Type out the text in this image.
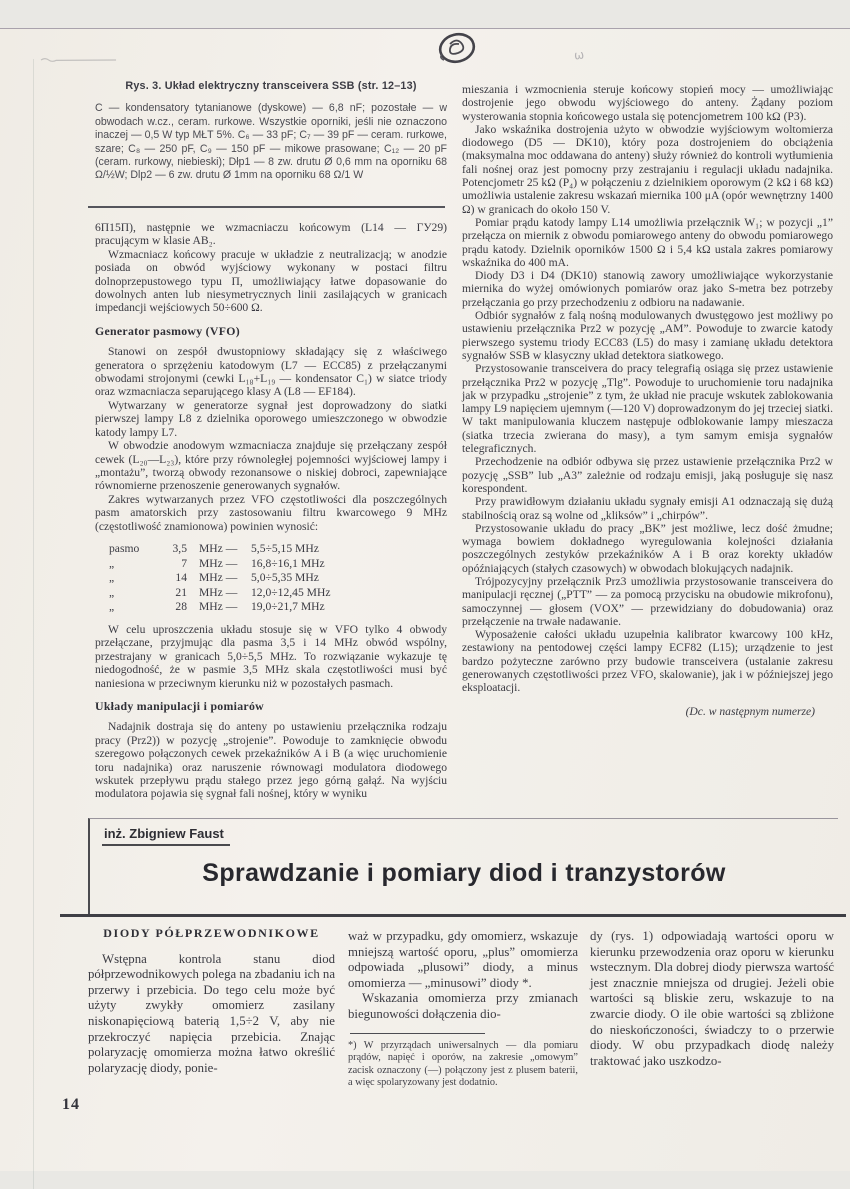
ω
Rys. 3. Układ elektryczny transceivera SSB (str. 12–13)
C — kondensatory tytanianowe (dyskowe) — 6,8 nF; pozostałe — w obwodach w.cz., ceram. rurkowe. Wszystkie oporniki, jeśli nie oznaczono inaczej — 0,5 W typ MŁT 5%. C₆ — 33 pF; C₇ — 39 pF — ceram. rurkowe, szare; C₈ — 250 pF, C₉ — 150 pF — mikowe prasowane; C₁₂ — 20 pF (ceram. rurkowy, niebieski); Dłp1 — 8 zw. drutu Ø 0,6 mm na oporniku 68 Ω/½W; Dlp2 — 6 zw. drutu Ø 1mm na oporniku 68 Ω/1 W

6П15П), następnie we wzmacniaczu końcowym (L14 — ГУ29) pracującym w klasie AB₂.

Wzmacniacz końcowy pracuje w układzie z neutralizacją; w anodzie posiada on obwód wyjściowy wykonany w postaci filtru dolnoprzepustowego typu Π, umożliwiający łatwe dopasowanie do dowolnych anten lub niesymetrycznych linii zasilających w granicach impedancji wejściowych 50÷600 Ω.

Generator pasmowy (VFO)

Stanowi on zespół dwustopniowy składający się z właściwego generatora o sprzężeniu katodowym (L7 — ECC85) z przełączanymi obwodami strojonymi (cewki L₁₈+L₁₉ — kondensator C₁) w siatce triody oraz wzmacniacza separującego klasy A (L8 — EF184).

Wytwarzany w generatorze sygnał jest doprowadzony do siatki pierwszej lampy L8 z dzielnika oporowego umieszczonego w obwodzie katody lampy L7.

W obwodzie anodowym wzmacniacza znajduje się przełączany zespół cewek (L₂₀—L₂₃), które przy równoległej pojemności wyjściowej lampy i „montażu”, tworzą obwody rezonansowe o niskiej dobroci, zapewniające równomierne przenoszenie generowanych sygnałów.

Zakres wytwarzanych przez VFO częstotliwości dla poszczególnych pasm amatorskich przy zastosowaniu filtru kwarcowego 9 MHz (częstotliwość znamionowa) powinien wynosić:

pasmo	3,5	MHz —	5,5÷5,15 MHz
„	7	MHz —	16,8÷16,1 MHz
„	14	MHz —	5,0÷5,35 MHz
„	21	MHz —	12,0÷12,45 MHz
„	28	MHz —	19,0÷21,7 MHz

W celu uproszczenia układu stosuje się w VFO tylko 4 obwody przełączane, przyjmując dla pasma 3,5 i 14 MHz obwód wspólny, przestrajany w granicach 5,0÷5,5 MHz. To rozwiązanie wykazuje tę niedogodność, że w pasmie 3,5 MHz skala częstotliwości musi być naniesiona w przeciwnym kierunku niż w pozostałych pasmach.

Układy manipulacji i pomiarów

Nadajnik dostraja się do anteny po ustawieniu przełącznika rodzaju pracy (Prz2)) w pozycję „strojenie”. Powoduje to zamknięcie obwodu szeregowo połączonych cewek przekaźników A i B (a więc uruchomienie toru nadajnika) oraz naruszenie równowagi modulatora diodowego wskutek przepływu prądu stałego przez jego górną gałąź. Na wyjściu modulatora pojawia się sygnał fali nośnej, który w wyniku

mieszania i wzmocnienia steruje końcowy stopień mocy — umożliwiając dostrojenie jego obwodu wyjściowego do anteny. Żądany poziom wysterowania stopnia końcowego ustala się potencjometrem 100 kΩ (P3).

Jako wskaźnika dostrojenia użyto w obwodzie wyjściowym woltomierza diodowego (D5 — DK10), który poza dostrojeniem do obciążenia (maksymalna moc oddawana do anteny) służy również do kontroli wytłumienia fali nośnej oraz jest pomocny przy zestrajaniu i regulacji układu nadajnika. Potencjometr 25 kΩ (P₄) w połączeniu z dzielnikiem oporowym (2 kΩ i 68 kΩ) umożliwia ustalenie zakresu wskazań miernika 100 μA (opór wewnętrzny 1400 Ω) w granicach do około 150 V.

Pomiar prądu katody lampy L14 umożliwia przełącznik W₁; w pozycji „1” przełącza on miernik z obwodu pomiarowego anteny do obwodu pomiarowego prądu katody. Dzielnik oporników 1500 Ω i 5,4 kΩ ustala zakres pomiarowy wskaźnika do 400 mA.

Diody D3 i D4 (DK10) stanowią zawory umożliwiające wykorzystanie miernika do wyżej omówionych pomiarów oraz jako S-metra bez potrzeby przełączania go przy przechodzeniu z odbioru na nadawanie.

Odbiór sygnałów z falą nośną modulowanych dwustęgowo jest możliwy po ustawieniu przełącznika Prz2 w pozycję „AM”. Powoduje to zwarcie katody pierwszego systemu triody ECC83 (L5) do masy i zamianę układu detektora sygnałów SSB w klasyczny układ detektora siatkowego.

Przystosowanie transceivera do pracy telegrafią osiąga się przez ustawienie przełącznika Prz2 w pozycję „Tlg”. Powoduje to uruchomienie toru nadajnika jak w przypadku „strojenie” z tym, że układ nie pracuje wskutek zablokowania lampy L9 napięciem ujemnym (—120 V) doprowadzonym do jej trzeciej siatki. W takt manipulowania kluczem następuje odblokowanie lampy mieszacza (siatka trzecia zwierana do masy), a tym samym emisja sygnałów telegraficznych.

Przechodzenie na odbiór odbywa się przez ustawienie przełącznika Prz2 w pozycję „SSB” lub „A3” zależnie od rodzaju emisji, jaką posługuje się nasz korespondent.

Przy prawidłowym działaniu układu sygnały emisji A1 odznaczają się dużą stabilnością oraz są wolne od „kliksów” i „chirpów”.

Przystosowanie układu do pracy „BK” jest możliwe, lecz dość żmudne; wymaga bowiem dokładnego wyregulowania kolejności działania poszczególnych zestyków przekaźników A i B oraz korekty układów opóźniających (stałych czasowych) w obwodach blokujących nadajnik.

Trójpozycyjny przełącznik Prz3 umożliwia przystosowanie transceivera do manipulacji ręcznej („PTT” — za pomocą przycisku na obudowie mikrofonu), samoczynnej — głosem (VOX” — przewidziany do dobudowania) oraz przełączenie na trwałe nadawanie.

Wyposażenie całości układu uzupełnia kalibrator kwarcowy 100 kHz, zestawiony na pentodowej części lampy ECF82 (L15); urządzenie to jest bardzo pożyteczne zarówno przy budowie transceivera (ustalanie zakresu generowanych częstotliwości przez VFO, skalowanie), jak i w późniejszej jego eksploatacji.

(Dc. w następnym numerze)
inż. Zbigniew Faust
Sprawdzanie i pomiary diod i tranzystorów
DIODY PÓŁPRZEWODNIKOWE

Wstępna kontrola stanu diod półprzewodnikowych polega na zbadaniu ich na przerwy i przebicia. Do tego celu może być użyty zwykły omomierz zasilany niskonapięciową baterią 1,5÷2 V, aby nie przekroczyć napięcia przebicia. Znając polaryzację omomierza można łatwo określić polaryzację diody, ponie-

waż w przypadku, gdy omomierz, wskazuje mniejszą wartość oporu, „plus” omomierza odpowiada „plusowi” diody, a minus omomierza — „minusowi” diody *.

Wskazania omomierza przy zmianach biegunowości dołączenia dio-

*) W przyrządach uniwersalnych — dla pomiaru prądów, napięć i oporów, na zakresie „omowym” zacisk oznaczony (—) połączony jest z plusem baterii, a więc spolaryzowany jest dodatnio.

dy (rys. 1) odpowiadają wartości oporu w kierunku przewodzenia oraz oporu w kierunku wstecznym. Dla dobrej diody pierwsza wartość jest znacznie mniejsza od drugiej. Jeżeli obie wartości są bliskie zeru, wskazuje to na zwarcie diody. O ile obie wartości są zbliżone do nieskończoności, świadczy to o przerwie diody. W obu przypadkach diodę należy traktować jako uszkodzo-

14
